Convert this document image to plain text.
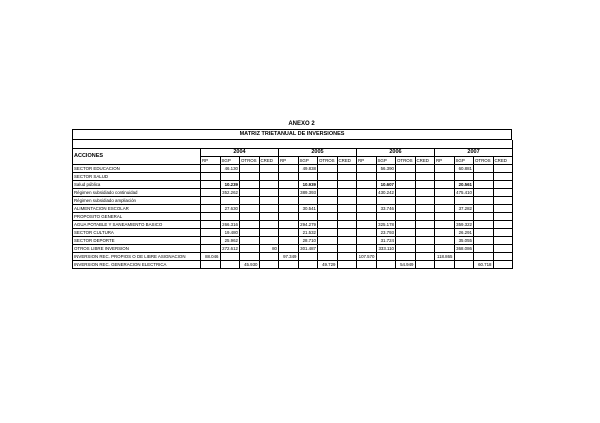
ANEXO 2
MATRIZ TRIETANUAL DE INVERSIONES

ACCIONES	2004				2005				2006				2007			
	RP	SGP	OTROS	CRED	RP	SGP	OTROS	CRED	RP	SGP	OTROS	CRED	RP	SGP	OTROS	CRED
SECTOR EDUCACION		46.130				49.838				56.390				60.881		
SECTOR SALUD																
Salud pública		10.239				10.939				10.607				20.561		
Régimen subsidiado continuidad		352.262				389.393				430.242				475.410		
Régimen subsidiado ampliación																
ALIMENTACION ESCOLAR		27.630				30.541				33.746				37.282		
PROPOSITO GENERAL																
AGUA POTABLE Y SANEAMIENTO BASICO		266.316				294.279				325.178				359.322		
SECTOR CULTURA		19.480				21.532				23.793				26.291		
SECTOR DEPORTE		25.962				28.710				31.724				35.055		
OTROS LIBRE INVERSION		272.612		80		301.487				333.110				368.086		
INVERSION REC. PROPIOS O DE LIBRE ASIGNACION	88.046				97.349				107.570				118.865			
INVERSION REC. GENERACION ELECTRICA			45.930				49.729				54.949				60.718	
